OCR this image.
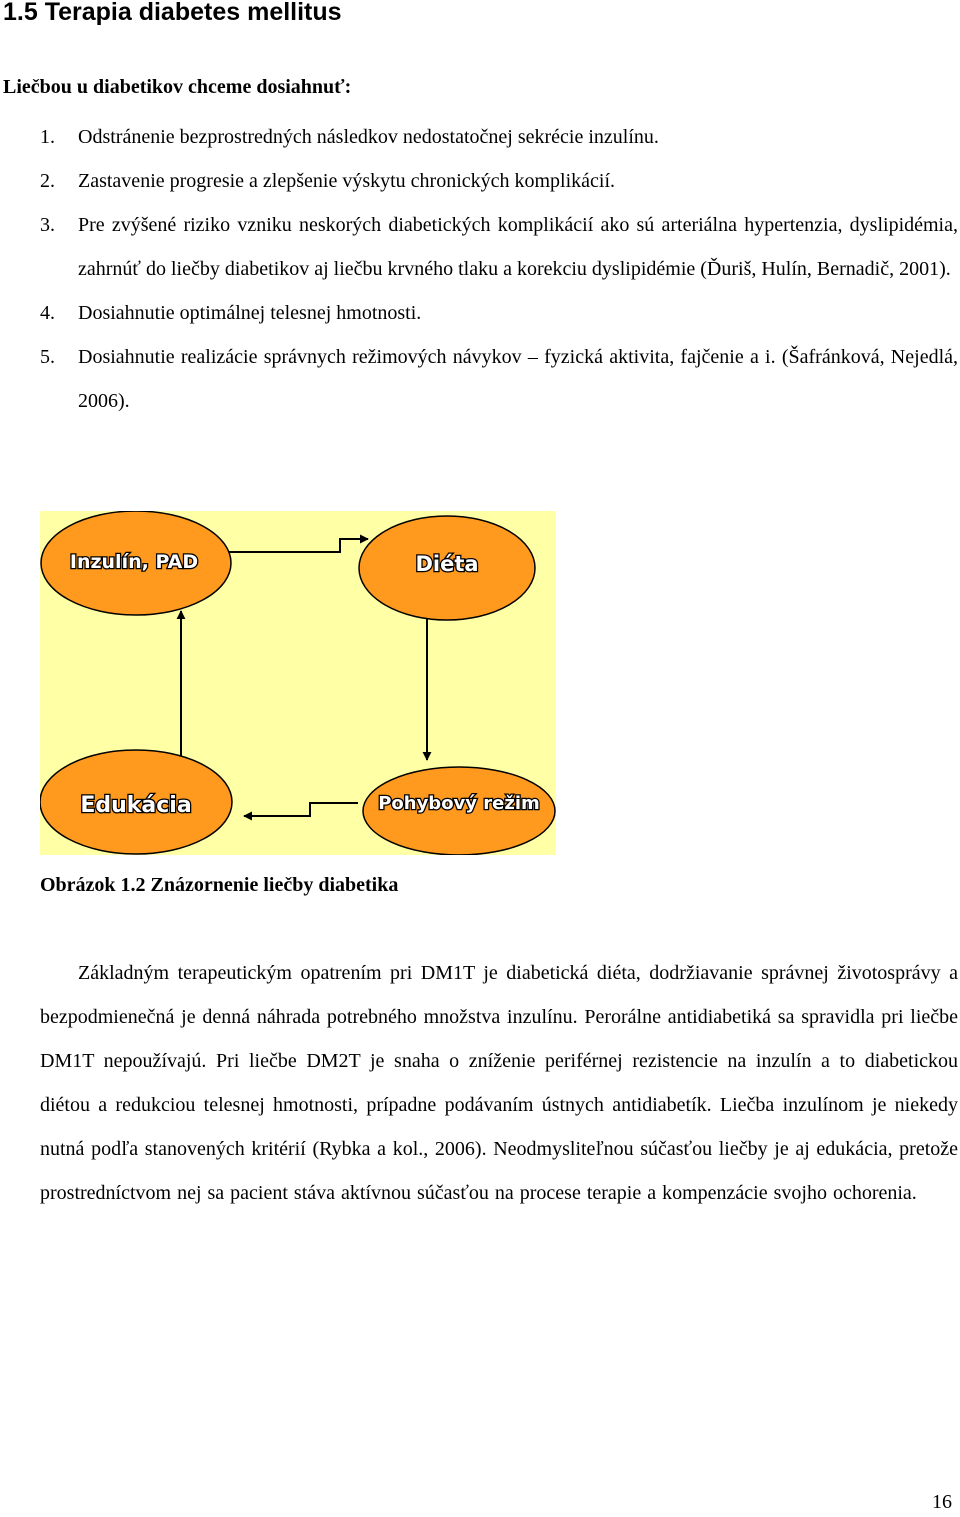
1.5 Terapia diabetes mellitus

Liečbou u diabetikov chceme dosiahnuť:

1. Odstránenie bezprostredných následkov nedostatočnej sekrécie inzulínu.
2. Zastavenie progresie a zlepšenie výskytu chronických komplikácií.
3. Pre zvýšené riziko vzniku neskorých diabetických komplikácií ako sú arteriálna hypertenzia, dyslipidémia, zahrnúť do liečby diabetikov aj liečbu krvného tlaku a korekciu dyslipidémie (Ďuriš, Hulín, Bernadič, 2001).
4. Dosiahnutie optimálnej telesnej hmotnosti.
5. Dosiahnutie realizácie správnych režimových návykov – fyzická aktivita, fajčenie a i. (Šafránková, Nejedlá, 2006).
Inzulín, PAD	Diéta
Edukácia	Pohybový režim

Obrázok 1.2 Znázornenie liečby diabetika

Základným terapeutickým opatrením pri DM1T je diabetická diéta, dodržiavanie správnej životosprávy a bezpodmienečná je denná náhrada potrebného množstva inzulínu. Perorálne antidiabetiká sa spravidla pri liečbe DM1T nepoužívajú. Pri liečbe DM2T je snaha o zníženie periférnej rezistencie na inzulín a to diabetickou diétou a redukciou telesnej hmotnosti, prípadne podávaním ústnych antidiabetík. Liečba inzulínom je niekedy nutná podľa stanovených kritérií (Rybka a kol., 2006). Neodmysliteľnou súčasťou liečby je aj edukácia, pretože prostredníctvom nej sa pacient stáva aktívnou súčasťou na procese terapie a kompenzácie svojho ochorenia.

16
